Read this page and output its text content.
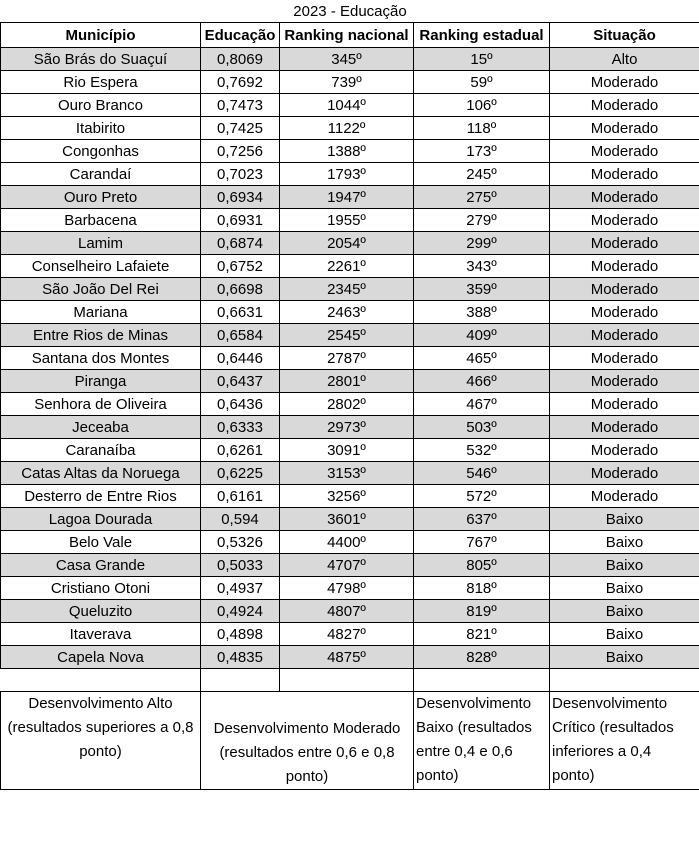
2023 - Educação				
Município	Educação	Ranking nacional	Ranking estadual	Situação
São Brás do Suaçuí	0,8069	345º	15º	Alto
Rio Espera	0,7692	739º	59º	Moderado
Ouro Branco	0,7473	1044º	106º	Moderado
Itabirito	0,7425	1122º	118º	Moderado
Congonhas	0,7256	1388º	173º	Moderado
Carandaí	0,7023	1793º	245º	Moderado
Ouro Preto	0,6934	1947º	275º	Moderado
Barbacena	0,6931	1955º	279º	Moderado
Lamim	0,6874	2054º	299º	Moderado
Conselheiro Lafaiete	0,6752	2261º	343º	Moderado
São João Del Rei	0,6698	2345º	359º	Moderado
Mariana	0,6631	2463º	388º	Moderado
Entre Rios de Minas	0,6584	2545º	409º	Moderado
Santana dos Montes	0,6446	2787º	465º	Moderado
Piranga	0,6437	2801º	466º	Moderado
Senhora de Oliveira	0,6436	2802º	467º	Moderado
Jeceaba	0,6333	2973º	503º	Moderado
Caranaíba	0,6261	3091º	532º	Moderado
Catas Altas da Noruega	0,6225	3153º	546º	Moderado
Desterro de Entre Rios	0,6161	3256º	572º	Moderado
Lagoa Dourada	0,594	3601º	637º	Baixo
Belo Vale	0,5326	4400º	767º	Baixo
Casa Grande	0,5033	4707º	805º	Baixo
Cristiano Otoni	0,4937	4798º	818º	Baixo
Queluzito	0,4924	4807º	819º	Baixo
Itaverava	0,4898	4827º	821º	Baixo
Capela Nova	0,4835	4875º	828º	Baixo

Desenvolvimento Alto (resultados superiores a 0,8 ponto)	Desenvolvimento Moderado (resultados entre 0,6 e 0,8 ponto)		Desenvolvimento Baixo (resultados entre 0,4 e 0,6 ponto)	Desenvolvimento Crítico (resultados inferiores a 0,4 ponto)
